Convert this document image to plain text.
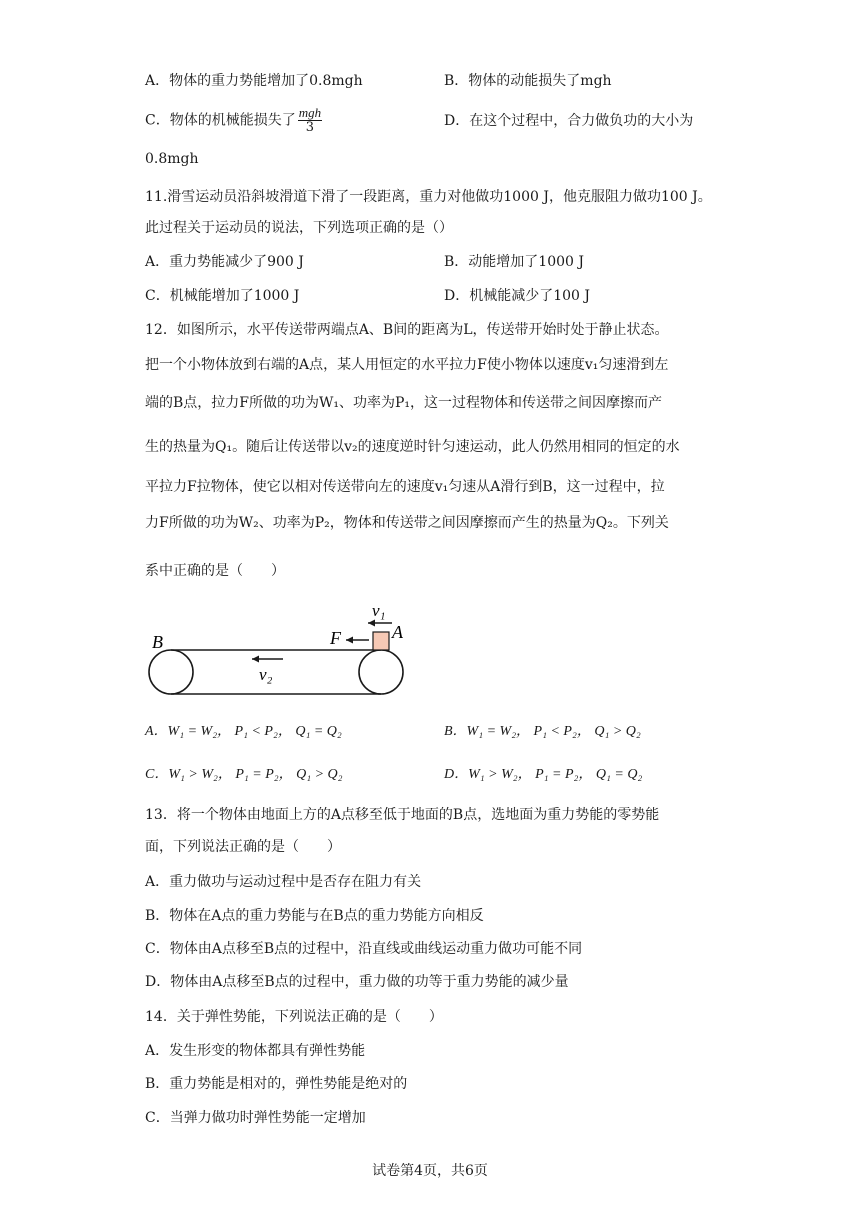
A．物体的重力势能增加了0.8mgh	B．物体的动能损失了mgh
C．物体的机械能损失了 $\frac{\text{mgh}}{3}$	D．在这个过程中，合力做负功的大小为
0.8mgh
11.滑雪运动员沿斜坡滑道下滑了一段距离，重力对他做功1000 J，他克服阻力做功100 J。
此过程关于运动员的说法，下列选项正确的是（）
A．重力势能减少了900 J	B．动能增加了1000 J
C．机械能增加了1000 J	D．机械能减少了100 J
12．如图所示，水平传送带两端点A、B间的距离为L，传送带开始时处于静止状态。
把一个小物体放到右端的A点，某人用恒定的水平拉力F使小物体以速度v₁匀速滑到左
端的B点，拉力F所做的功为W₁、功率为P₁，这一过程物体和传送带之间因摩擦而产
生的热量为Q₁。随后让传送带以v₂的速度逆时针匀速运动，此人仍然用相同的恒定的水
平拉力F拉物体，使它以相对传送带向左的速度v₁匀速从A滑行到B，这一过程中，拉
力F所做的功为W₂、功率为P₂，物体和传送带之间因摩擦而产生的热量为Q₂。下列关
系中正确的是（　　）
B	A
F
v₁
v₂
A．W₁ = W₂， P₁ < P₂， Q₁ = Q₂	B．W₁ = W₂， P₁ < P₂， Q₁ > Q₂
C．W₁ > W₂， P₁ = P₂， Q₁ > Q₂	D．W₁ > W₂， P₁ = P₂， Q₁ = Q₂
13．将一个物体由地面上方的A点移至低于地面的B点，选地面为重力势能的零势能
面，下列说法正确的是（　　）
A．重力做功与运动过程中是否存在阻力有关
B．物体在A点的重力势能与在B点的重力势能方向相反
C．物体由A点移至B点的过程中，沿直线或曲线运动重力做功可能不同
D．物体由A点移至B点的过程中，重力做的功等于重力势能的减少量
14．关于弹性势能，下列说法正确的是（　　）
A．发生形变的物体都具有弹性势能
B．重力势能是相对的，弹性势能是绝对的
C．当弹力做功时弹性势能一定增加
试卷第4页，共6页
